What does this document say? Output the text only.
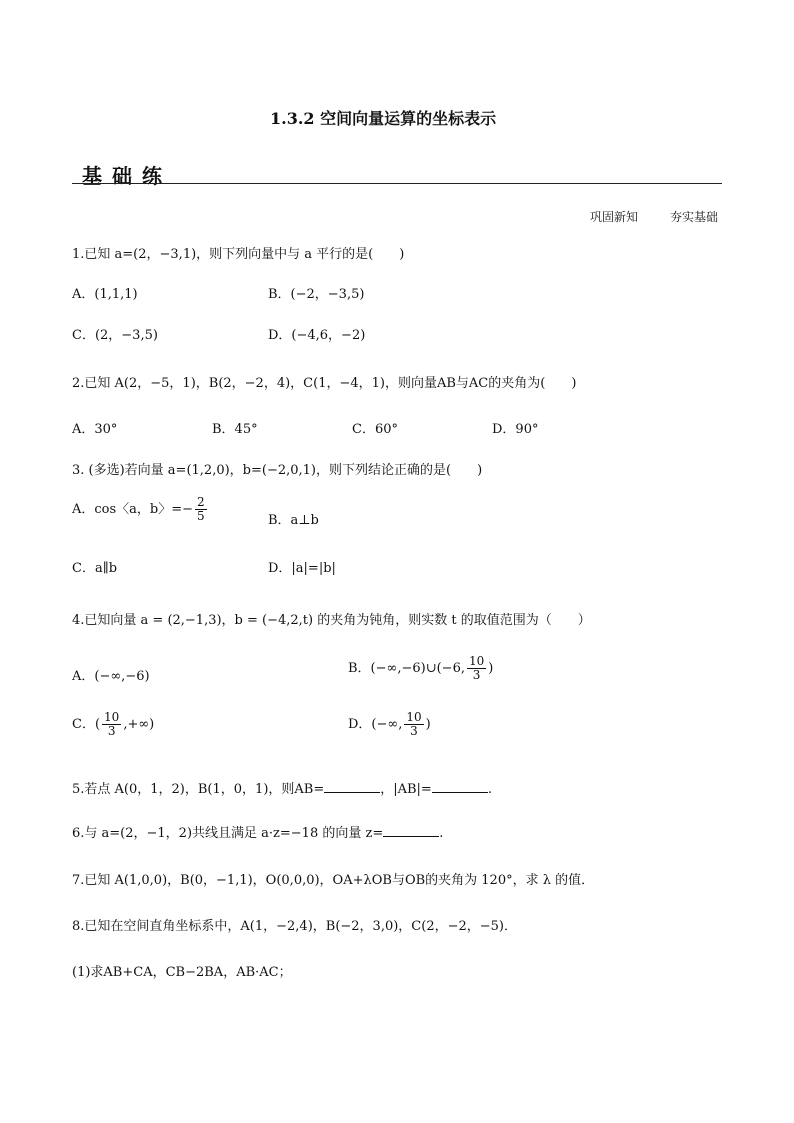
1.3.2 空间向量运算的坐标表示
基础练
巩固新知	夯实基础
1.已知 a=(2，−3,1)，则下列向量中与 a 平行的是(　　)
A．(1,1,1)	B．(−2，−3,5)
C．(2，−3,5)	D．(−4,6，−2)
2.已知 A(2，−5，1)，B(2，−2，4)，C(1，−4，1)，则向量AB与AC的夹角为(　　)
A．30°	B．45°	C．60°	D．90°
3. (多选)若向量 a=(1,2,0)，b=(−2,0,1)，则下列结论正确的是(　　)
A．cos〈a，b〉=− $\frac{2}{5}$	B．a⊥b
C．a∥b	D．|a|=|b|
4.已知向量 a = (2,−1,3)，b = (−4,2,t) 的夹角为钝角，则实数 t 的取值范围为（　　）
A．(−∞,−6)
B．(−∞,−6)∪(−6, $\frac{10}{3}$ )
C．( $\frac{10}{3}$ ,+∞)	D．(−∞, $\frac{10}{3}$ )
5.若点 A(0，1，2)，B(1，0，1)，则AB=	，|AB|=	.
6.与 a=(2，−1，2)共线且满足 a·z=−18 的向量 z=	.
7.已知 A(1,0,0)，B(0，−1,1)，O(0,0,0)，OA+λOB与OB的夹角为 120°，求 λ 的值．
8.已知在空间直角坐标系中，A(1，−2,4)，B(−2，3,0)，C(2，−2，−5)．
(1)求AB+CA，CB−2BA，AB·AC；
